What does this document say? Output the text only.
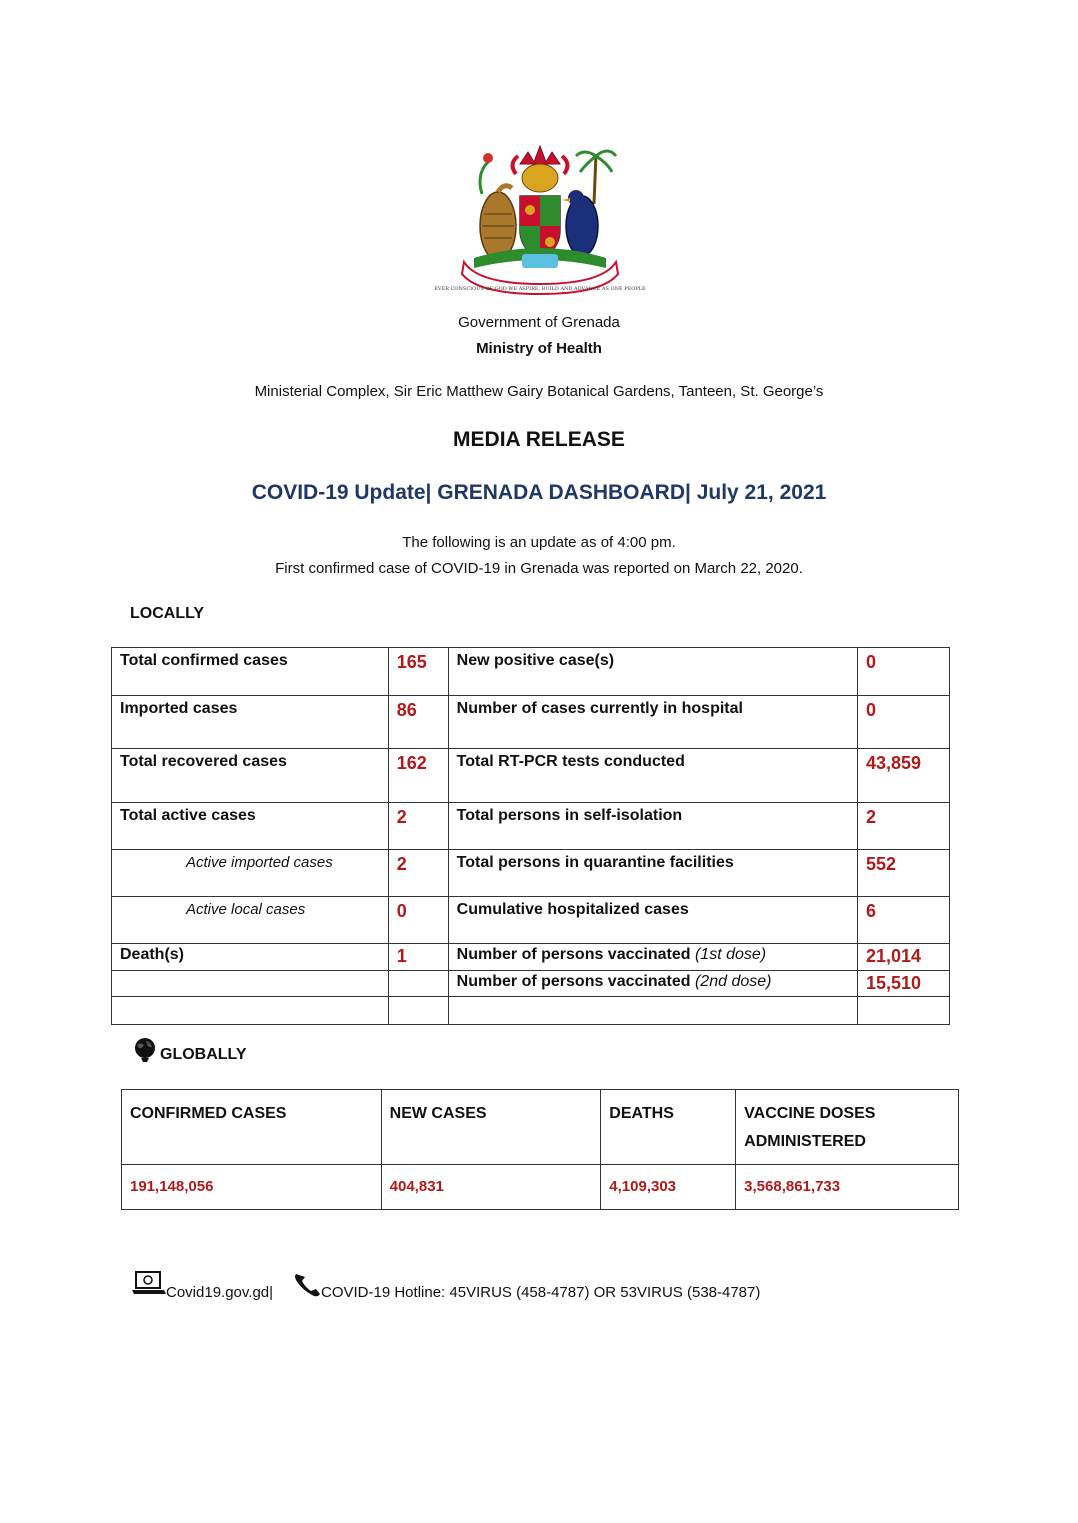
EVER CONSCIOUS OF GOD WE ASPIRE, BUILD AND ADVANCE AS ONE PEOPLE
Government of Grenada
Ministry of Health
Ministerial Complex, Sir Eric Matthew Gairy Botanical Gardens, Tanteen, St. George’s
MEDIA RELEASE
COVID-19 Update| GRENADA DASHBOARD| July 21, 2021
The following is an update as of 4:00 pm.
First confirmed case of COVID-19 in Grenada was reported on March 22, 2020.
LOCALLY
Total confirmed cases	165	New positive case(s)	0
Imported cases	86	Number of cases currently in hospital	0
Total recovered cases	162	Total RT-PCR tests conducted	43,859
Total active cases	2	Total persons in self-isolation	2
Active imported cases	2	Total persons in quarantine facilities	552
Active local cases	0	Cumulative hospitalized cases	6
Death(s)	1	Number of persons vaccinated (1st dose)	21,014
		Number of persons vaccinated (2nd dose)	15,510

GLOBALLY
CONFIRMED CASES	NEW CASES	DEATHS	VACCINE DOSES ADMINISTERED
191,148,056	404,831	4,109,303	3,568,861,733
Covid19.gov.gd|	COVID-19 Hotline: 45VIRUS (458-4787) OR 53VIRUS (538-4787)
